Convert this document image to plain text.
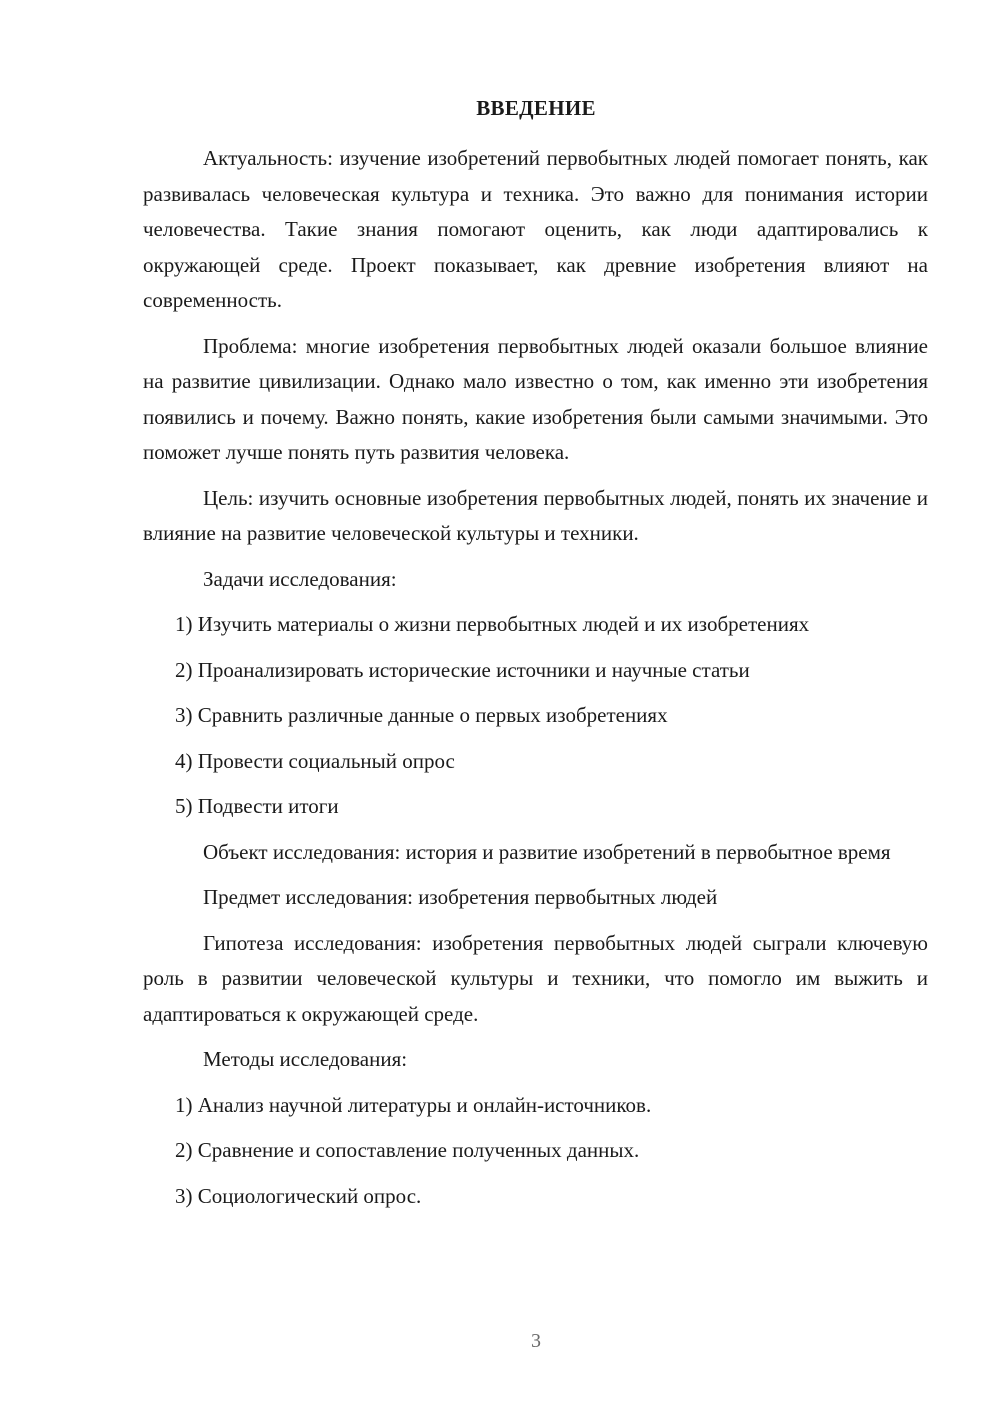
ВВЕДЕНИЕ

Актуальность: изучение изобретений первобытных людей помогает понять, как развивалась человеческая культура и техника. Это важно для понимания истории человечества. Такие знания помогают оценить, как люди адаптировались к окружающей среде. Проект показывает, как древние изобретения влияют на современность.

Проблема: многие изобретения первобытных людей оказали большое влияние на развитие цивилизации. Однако мало известно о том, как именно эти изобретения появились и почему. Важно понять, какие изобретения были самыми значимыми. Это поможет лучше понять путь развития человека.

Цель: изучить основные изобретения первобытных людей, понять их значение и влияние на развитие человеческой культуры и техники.

Задачи исследования:

1) Изучить материалы о жизни первобытных людей и их изобретениях

2) Проанализировать исторические источники и научные статьи

3) Сравнить различные данные о первых изобретениях

4) Провести социальный опрос

5) Подвести итоги

Объект исследования: история и развитие изобретений в первобытное время

Предмет исследования: изобретения первобытных людей

Гипотеза исследования: изобретения первобытных людей сыграли ключевую роль в развитии человеческой культуры и техники, что помогло им выжить и адаптироваться к окружающей среде.

Методы исследования:

1) Анализ научной литературы и онлайн-источников.

2) Сравнение и сопоставление полученных данных.

3) Социологический опрос.

3
